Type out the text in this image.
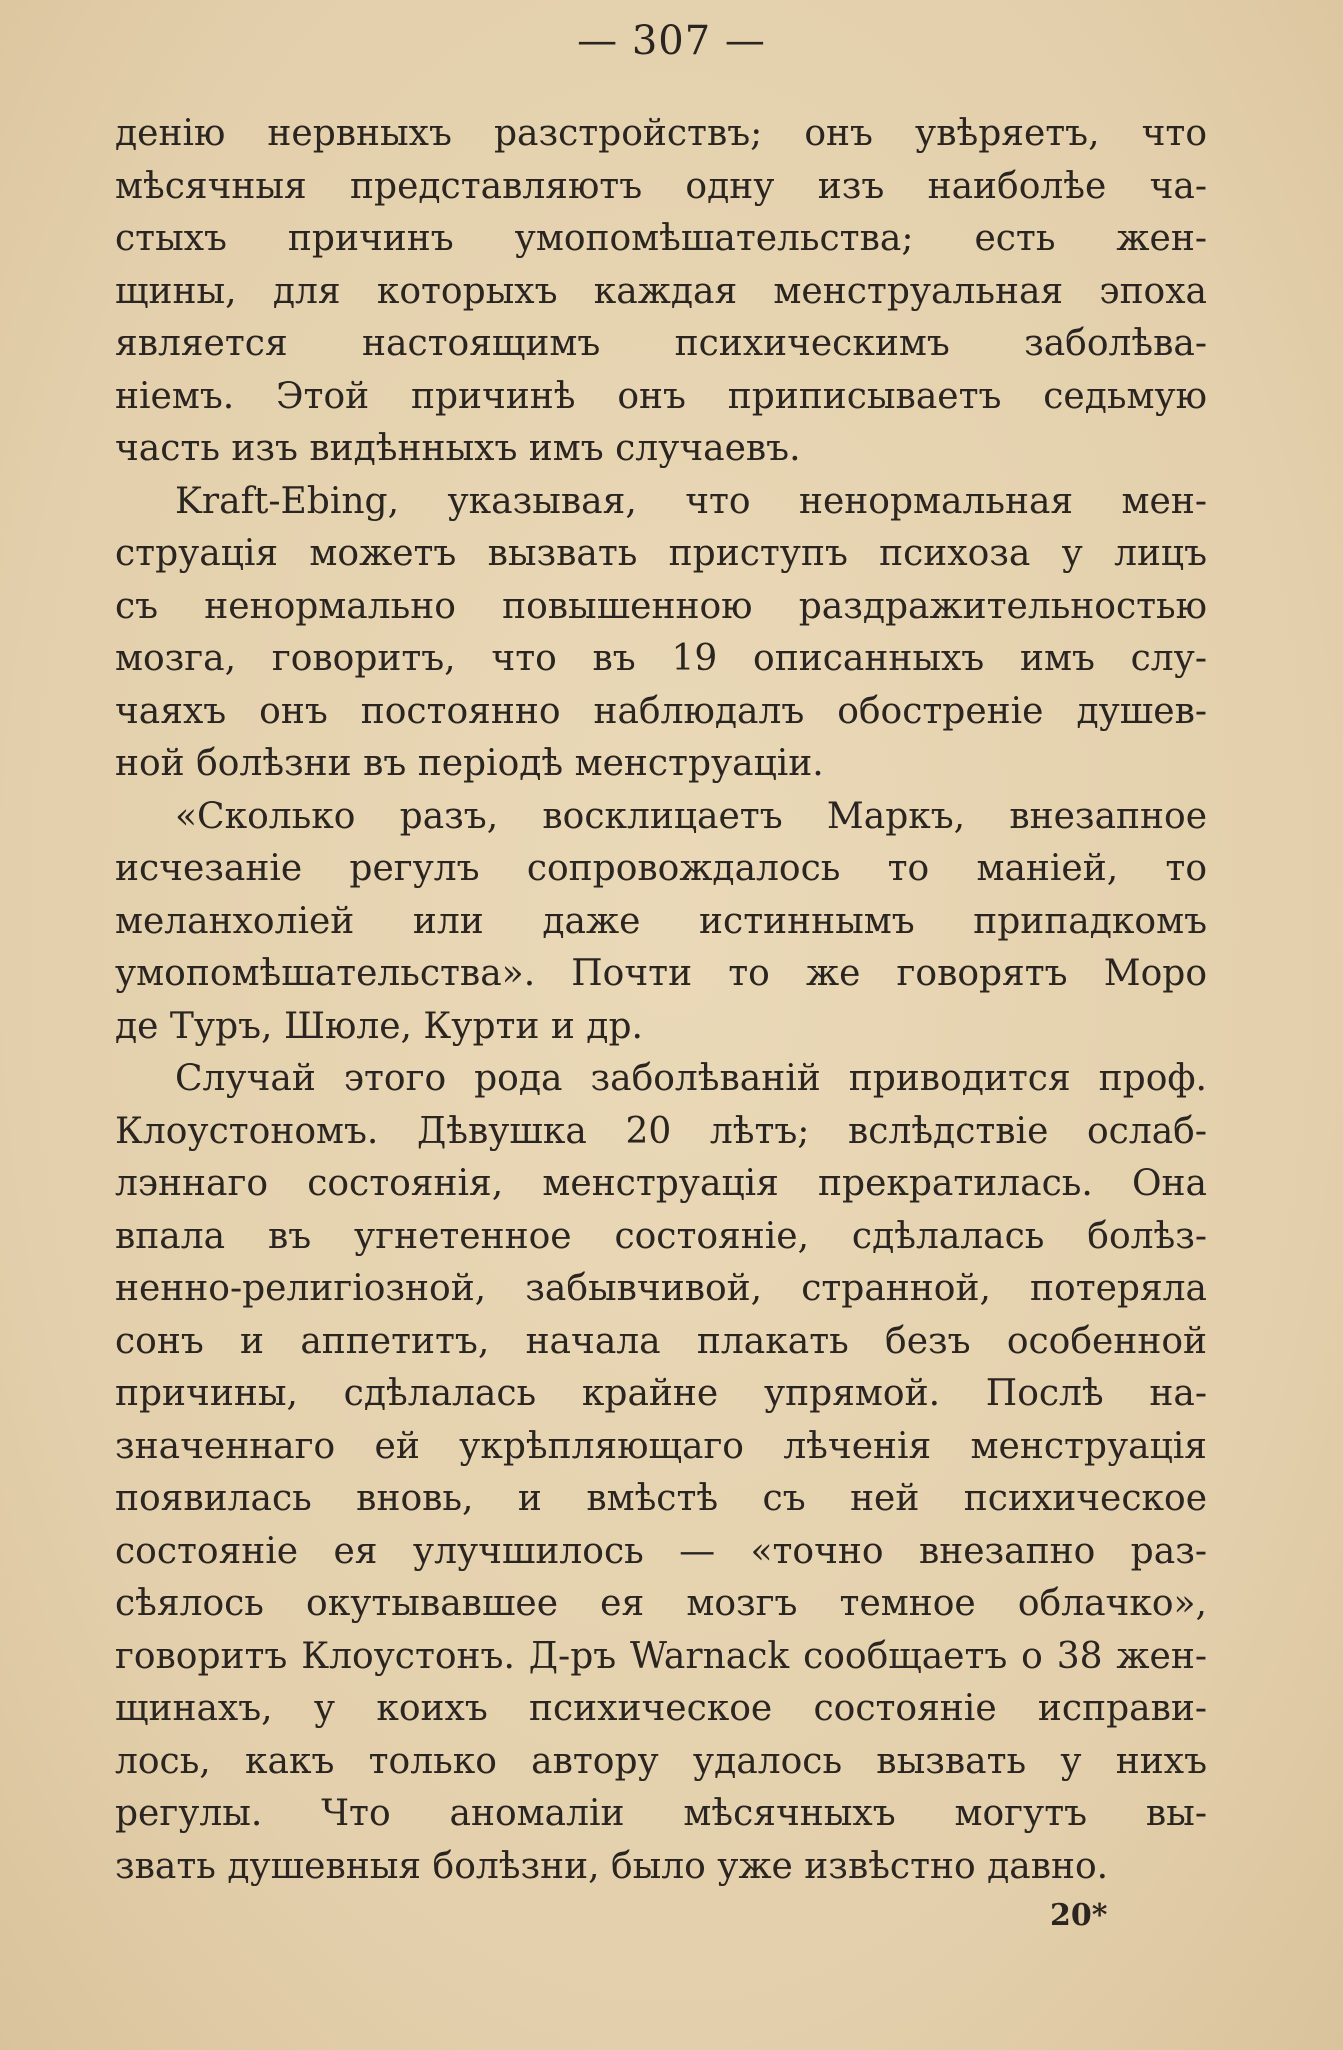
— 307 —
денію нервныхъ разстройствъ; онъ увѣряетъ, что
мѣсячныя представляютъ одну изъ наиболѣе ча-
стыхъ причинъ умопомѣшательства; есть жен-
щины, для которыхъ каждая менструальная эпоха
является настоящимъ психическимъ заболѣва-
ніемъ. Этой причинѣ онъ приписываетъ седьмую
часть изъ видѣнныхъ имъ случаевъ.
Kraft-Ebing, указывая, что ненормальная мен-
струація можетъ вызвать приступъ психоза у лицъ
съ ненормально повышенною раздражительностью
мозга, говоритъ, что въ 19 описанныхъ имъ слу-
чаяхъ онъ постоянно наблюдалъ обостреніе душев-
ной болѣзни въ періодѣ менструаціи.
«Сколько разъ, восклицаетъ Маркъ, внезапное
исчезаніе регулъ сопровождалось то маніей, то
меланхоліей или даже истиннымъ припадкомъ
умопомѣшательства». Почти то же говорятъ Моро
де Туръ, Шюле, Курти и др.
Случай этого рода заболѣваній приводится проф.
Клоустономъ. Дѣвушка 20 лѣтъ; вслѣдствіе ослаб-
лэннаго состоянія, менструація прекратилась. Она
впала въ угнетенное состояніе, сдѣлалась болѣз-
ненно-религіозной, забывчивой, странной, потеряла
сонъ и аппетитъ, начала плакать безъ особенной
причины, сдѣлалась крайне упрямой. Послѣ на-
значеннаго ей укрѣпляющаго лѣченія менструація
появилась вновь, и вмѣстѣ съ ней психическое
состояніе ея улучшилось — «точно внезапно раз-
сѣялось окутывавшее ея мозгъ темное облачко»,
говоритъ Клоустонъ. Д-ръ Warnack сообщаетъ о 38 жен-
щинахъ, у коихъ психическое состояніе исправи-
лось, какъ только автору удалось вызвать у нихъ
регулы. Что аномаліи мѣсячныхъ могутъ вы-
звать душевныя болѣзни, было уже извѣстно давно.
20*
